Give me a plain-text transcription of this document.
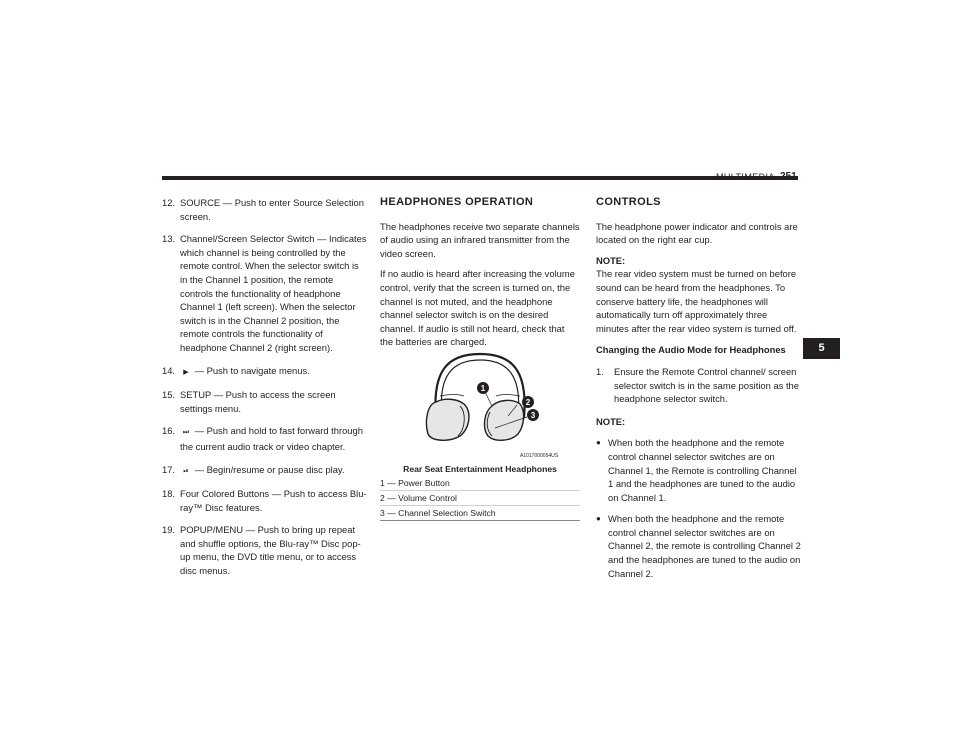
MULTIMEDIA 251
12. SOURCE — Push to enter Source Selection screen.
13. Channel/Screen Selector Switch — Indicates which channel is being controlled by the remote control. When the selector switch is in the Channel 1 position, the remote controls the functionality of headphone Channel 1 (left screen). When the selector switch is in the Channel 2 position, the remote controls the functionality of headphone Channel 2 (right screen).
14. ▶ — Push to navigate menus.
15. SETUP — Push to access the screen settings menu.
16. ⏭ — Push and hold to fast forward through the current audio track or video chapter.
17. ⏯ — Begin/resume or pause disc play.
18. Four Colored Buttons — Push to access Blu-ray™ Disc features.
19. POPUP/MENU — Push to bring up repeat and shuffle options, the Blu-ray™ Disc pop-up menu, the DVD title menu, or to access disc menus.
HEADPHONES OPERATION

The headphones receive two separate channels of audio using an infrared transmitter from the video screen.

If no audio is heard after increasing the volume control, verify that the screen is turned on, the channel is not muted, and the headphone channel selector switch is on the desired channel. If audio is still not heard, check that the batteries are charged.

1
2
3
A1017000054US
Rear Seat Entertainment Headphones
1 — Power Button
2 — Volume Control
3 — Channel Selection Switch
CONTROLS

The headphone power indicator and controls are located on the right ear cup.

NOTE:

The rear video system must be turned on before sound can be heard from the headphones. To conserve battery life, the headphones will automatically turn off approximately three minutes after the rear video system is turned off.

Changing the Audio Mode for Headphones
1. Ensure the Remote Control channel/ screen selector switch is in the same position as the headphone selector switch.
NOTE:
● When both the headphone and the remote control channel selector switches are on Channel 1, the Remote is controlling Channel 1 and the headphones are tuned to the audio on Channel 1.
● When both the headphone and the remote control channel selector switches are on Channel 2, the remote is controlling Channel 2 and the headphones are tuned to the audio on Channel 2.
5
